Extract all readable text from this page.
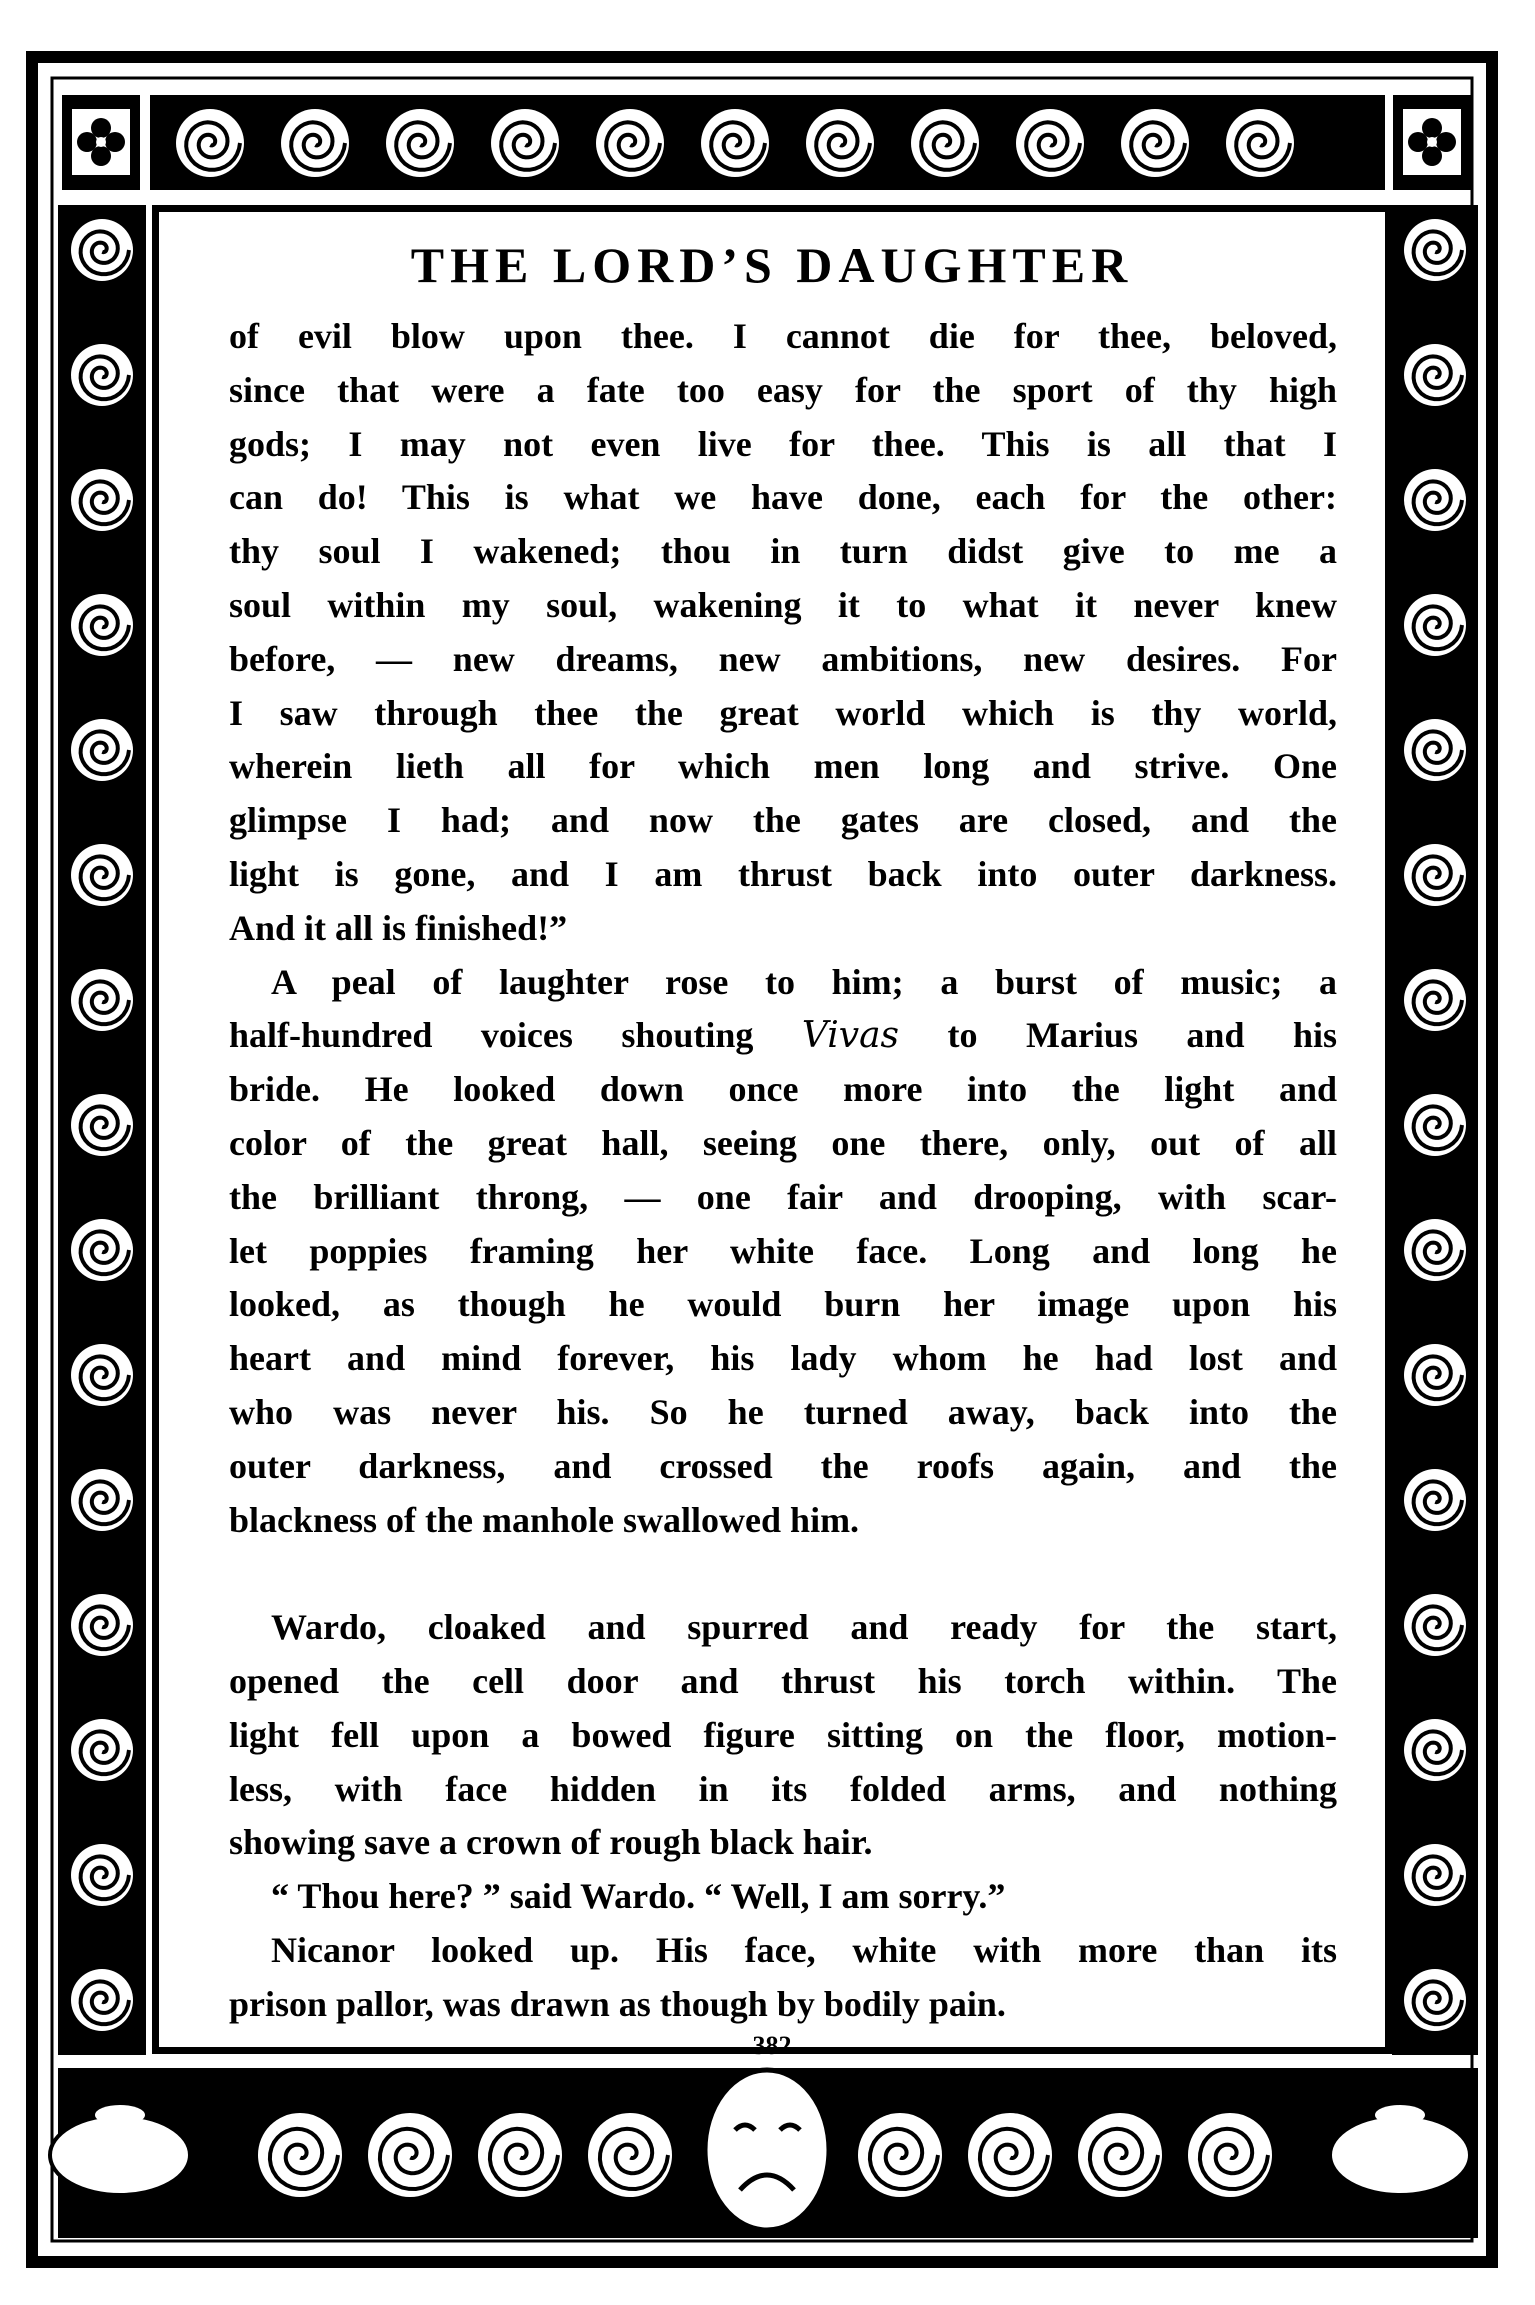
THE LORD’S DAUGHTER
of evil blow upon thee. I cannot die for thee, beloved,
since that were a fate too easy for the sport of thy high
gods; I may not even live for thee. This is all that I
can do! This is what we have done, each for the other:
thy soul I wakened; thou in turn didst give to me a
soul within my soul, wakening it to what it never knew
before, — new dreams, new ambitions, new desires. For
I saw through thee the great world which is thy world,
wherein lieth all for which men long and strive. One
glimpse I had; and now the gates are closed, and the
light is gone, and I am thrust back into outer darkness.
And it all is finished!”
A peal of laughter rose to him; a burst of music; a
half-hundred voices shouting Vivas to Marius and his
bride. He looked down once more into the light and
color of the great hall, seeing one there, only, out of all
the brilliant throng, — one fair and drooping, with scar-
let poppies framing her white face. Long and long he
looked, as though he would burn her image upon his
heart and mind forever, his lady whom he had lost and
who was never his. So he turned away, back into the
outer darkness, and crossed the roofs again, and the
blackness of the manhole swallowed him.
Wardo, cloaked and spurred and ready for the start,
opened the cell door and thrust his torch within. The
light fell upon a bowed figure sitting on the floor, motion-
less, with face hidden in its folded arms, and nothing
showing save a crown of rough black hair.
“ Thou here? ” said Wardo. “ Well, I am sorry.”
Nicanor looked up. His face, white with more than its
prison pallor, was drawn as though by bodily pain.
382
